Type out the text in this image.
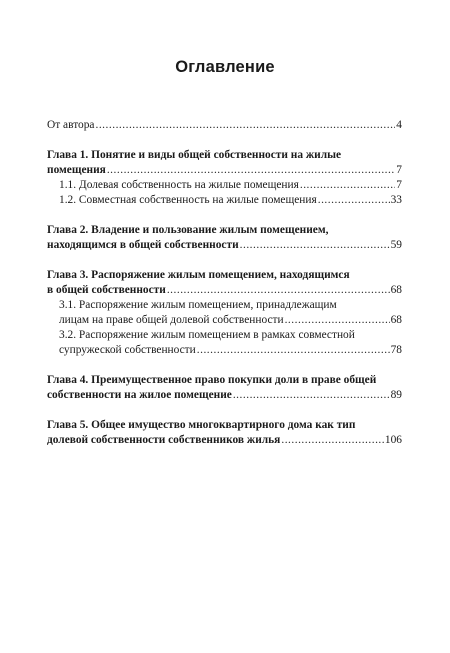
Оглавление
От автора .....	4
Глава 1. Понятие и виды общей собственности на жилые
помещения .....	7
1.1. Долевая собственность на жилые помещения .....	7
1.2. Совместная собственность на жилые помещения .....	33
Глава 2. Владение и пользование жилым помещением,
находящимся в общей собственности .....	59
Глава 3. Распоряжение жилым помещением, находящимся
в общей собственности .....	68
3.1. Распоряжение жилым помещением, принадлежащим
лицам на праве общей долевой собственности .....	68
3.2. Распоряжение жилым помещением в рамках совместной
супружеской собственности .....	78
Глава 4. Преимущественное право покупки доли в праве общей
собственности на жилое помещение .....	89
Глава 5. Общее имущество многоквартирного дома как тип
долевой собственности собственников жилья .....	106
